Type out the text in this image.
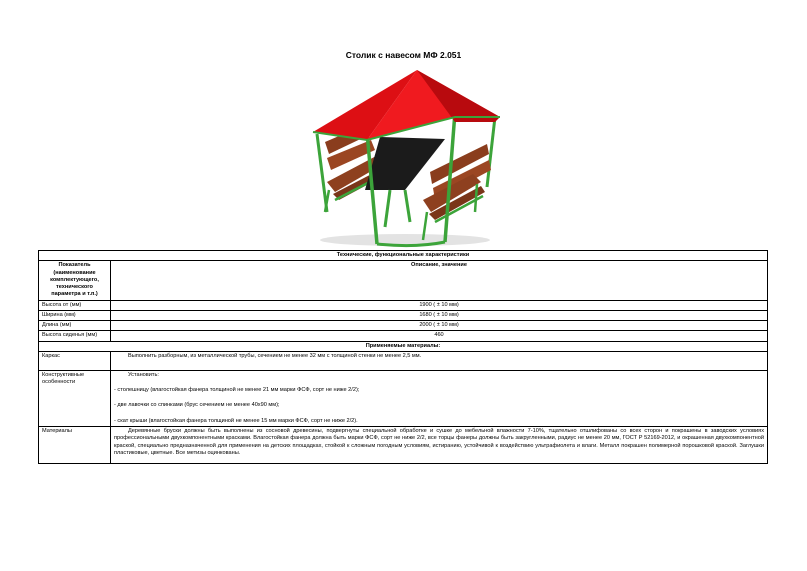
Столик с навесом МФ 2.051
Технические, функциональные характеристики	
Показатель (наименование комплектующего, технического параметра и т.п.)	Описание, значение
Высота от (мм)	1900 ( ± 10 мм)
Ширина (мм)	1680 ( ± 10 мм)
Длина (мм)	2000 ( ± 10 мм)
Высота сиденья (мм)	460
Применяемые материалы:	
Каркас	Выполнить разборным, из металлической трубы, сечением не менее 32 мм с толщиной стенки не менее 2,5 мм.
Конструктивные особенности	Установить:
- столешницу (влагостойкая фанера толщиной не менее 21 мм марки ФСФ, сорт не ниже 2/2);
- две лавочки со спинками (брус сечением не менее 40х90 мм);
- скат крыши (влагостойкая фанера толщиной не менее 15 мм марки ФСФ, сорт не ниже 2/2).

Материалы	Деревянные бруски должны быть выполнены из сосновой древесины, подвергнуты специальной обработке и сушке до мебельной влажности 7-10%, тщательно отшлифованы со всех сторон и покрашены в заводских условиях профессиональными двухкомпонентными красками. Влагостойкая фанера должна быть марки ФСФ, сорт не ниже 2/2, все торцы фанеры должны быть закругленными, радиус не менее 20 мм, ГОСТ Р 52169-2012, и окрашенная двухкомпонентной краской, специально предназначенной для применения на детских площадках, стойкой к сложным погодным условиям, истиранию, устойчивой к воздействию ультрафиолета и влаги. Металл покрашен полимерной порошковой краской. Заглушки пластиковые, цветные. Все метизы оцинкованы.
